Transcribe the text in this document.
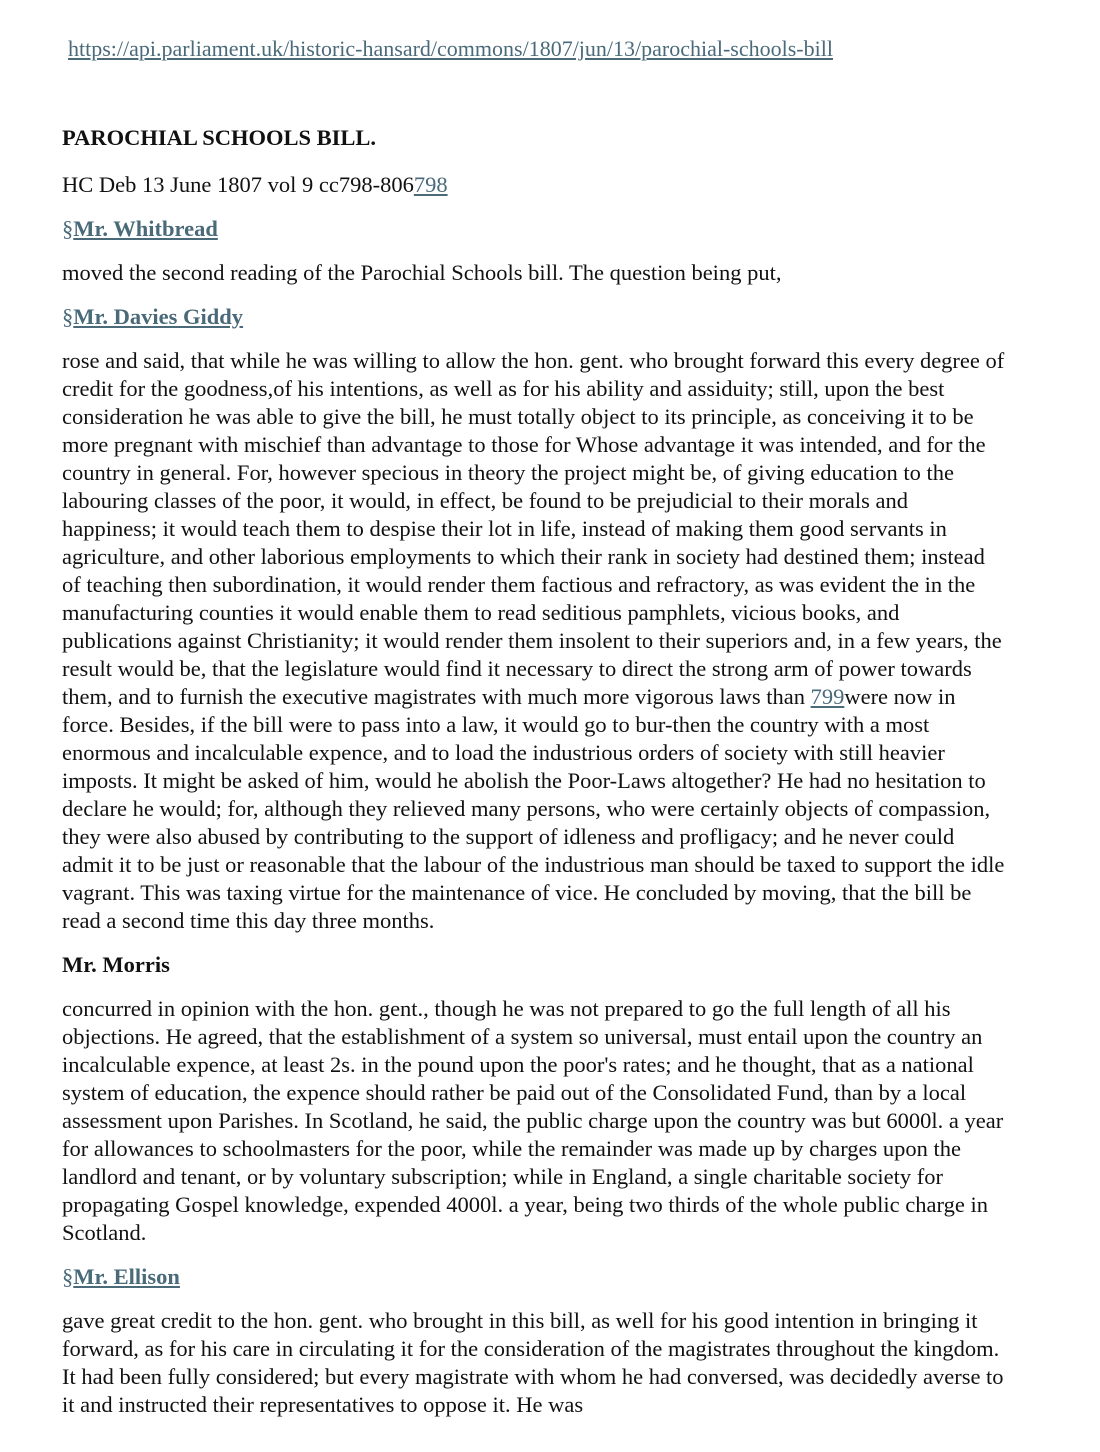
https://api.parliament.uk/historic-hansard/commons/1807/jun/13/parochial-schools-bill
PAROCHIAL SCHOOLS BILL.
HC Deb 13 June 1807 vol 9 cc798-806798
§Mr. Whitbread
moved the second reading of the Parochial Schools bill. The question being put,
§Mr. Davies Giddy
rose and said, that while he was willing to allow the hon. gent. who brought forward this every degree of credit for the goodness,of his intentions, as well as for his ability and assiduity; still, upon the best consideration he was able to give the bill, he must totally object to its principle, as conceiving it to be more pregnant with mischief than advantage to those for Whose advantage it was intended, and for the country in general. For, however specious in theory the project might be, of giving education to the labouring classes of the poor, it would, in effect, be found to be prejudicial to their morals and happiness; it would teach them to despise their lot in life, instead of making them good servants in agriculture, and other laborious employments to which their rank in society had destined them; instead of teaching then subordination, it would render them factious and refractory, as was evident the in the manufacturing counties it would enable them to read seditious pamphlets, vicious books, and publications against Christianity; it would render them insolent to their superiors and, in a few years, the result would be, that the legislature would find it necessary to direct the strong arm of power towards them, and to furnish the executive magistrates with much more vigorous laws than 799were now in force. Besides, if the bill were to pass into a law, it would go to bur-then the country with a most enormous and incalculable expence, and to load the industrious orders of society with still heavier imposts. It might be asked of him, would he abolish the Poor-Laws altogether? He had no hesitation to declare he would; for, although they relieved many persons, who were certainly objects of compassion, they were also abused by contributing to the support of idleness and profligacy; and he never could admit it to be just or reasonable that the labour of the industrious man should be taxed to support the idle vagrant. This was taxing virtue for the maintenance of vice. He concluded by moving, that the bill be read a second time this day three months.
Mr. Morris
concurred in opinion with the hon. gent., though he was not prepared to go the full length of all his objections. He agreed, that the establishment of a system so universal, must entail upon the country an incalculable expence, at least 2s. in the pound upon the poor's rates; and he thought, that as a national system of education, the expence should rather be paid out of the Consolidated Fund, than by a local assessment upon Parishes. In Scotland, he said, the public charge upon the country was but 6000l. a year for allowances to schoolmasters for the poor, while the remainder was made up by charges upon the landlord and tenant, or by voluntary subscription; while in England, a single charitable society for propagating Gospel knowledge, expended 4000l. a year, being two thirds of the whole public charge in Scotland.
§Mr. Ellison
gave great credit to the hon. gent. who brought in this bill, as well for his good intention in bringing it forward, as for his care in circulating it for the consideration of the magistrates throughout the kingdom. It had been fully considered; but every magistrate with whom he had conversed, was decidedly averse to it and instructed their representatives to oppose it. He was
